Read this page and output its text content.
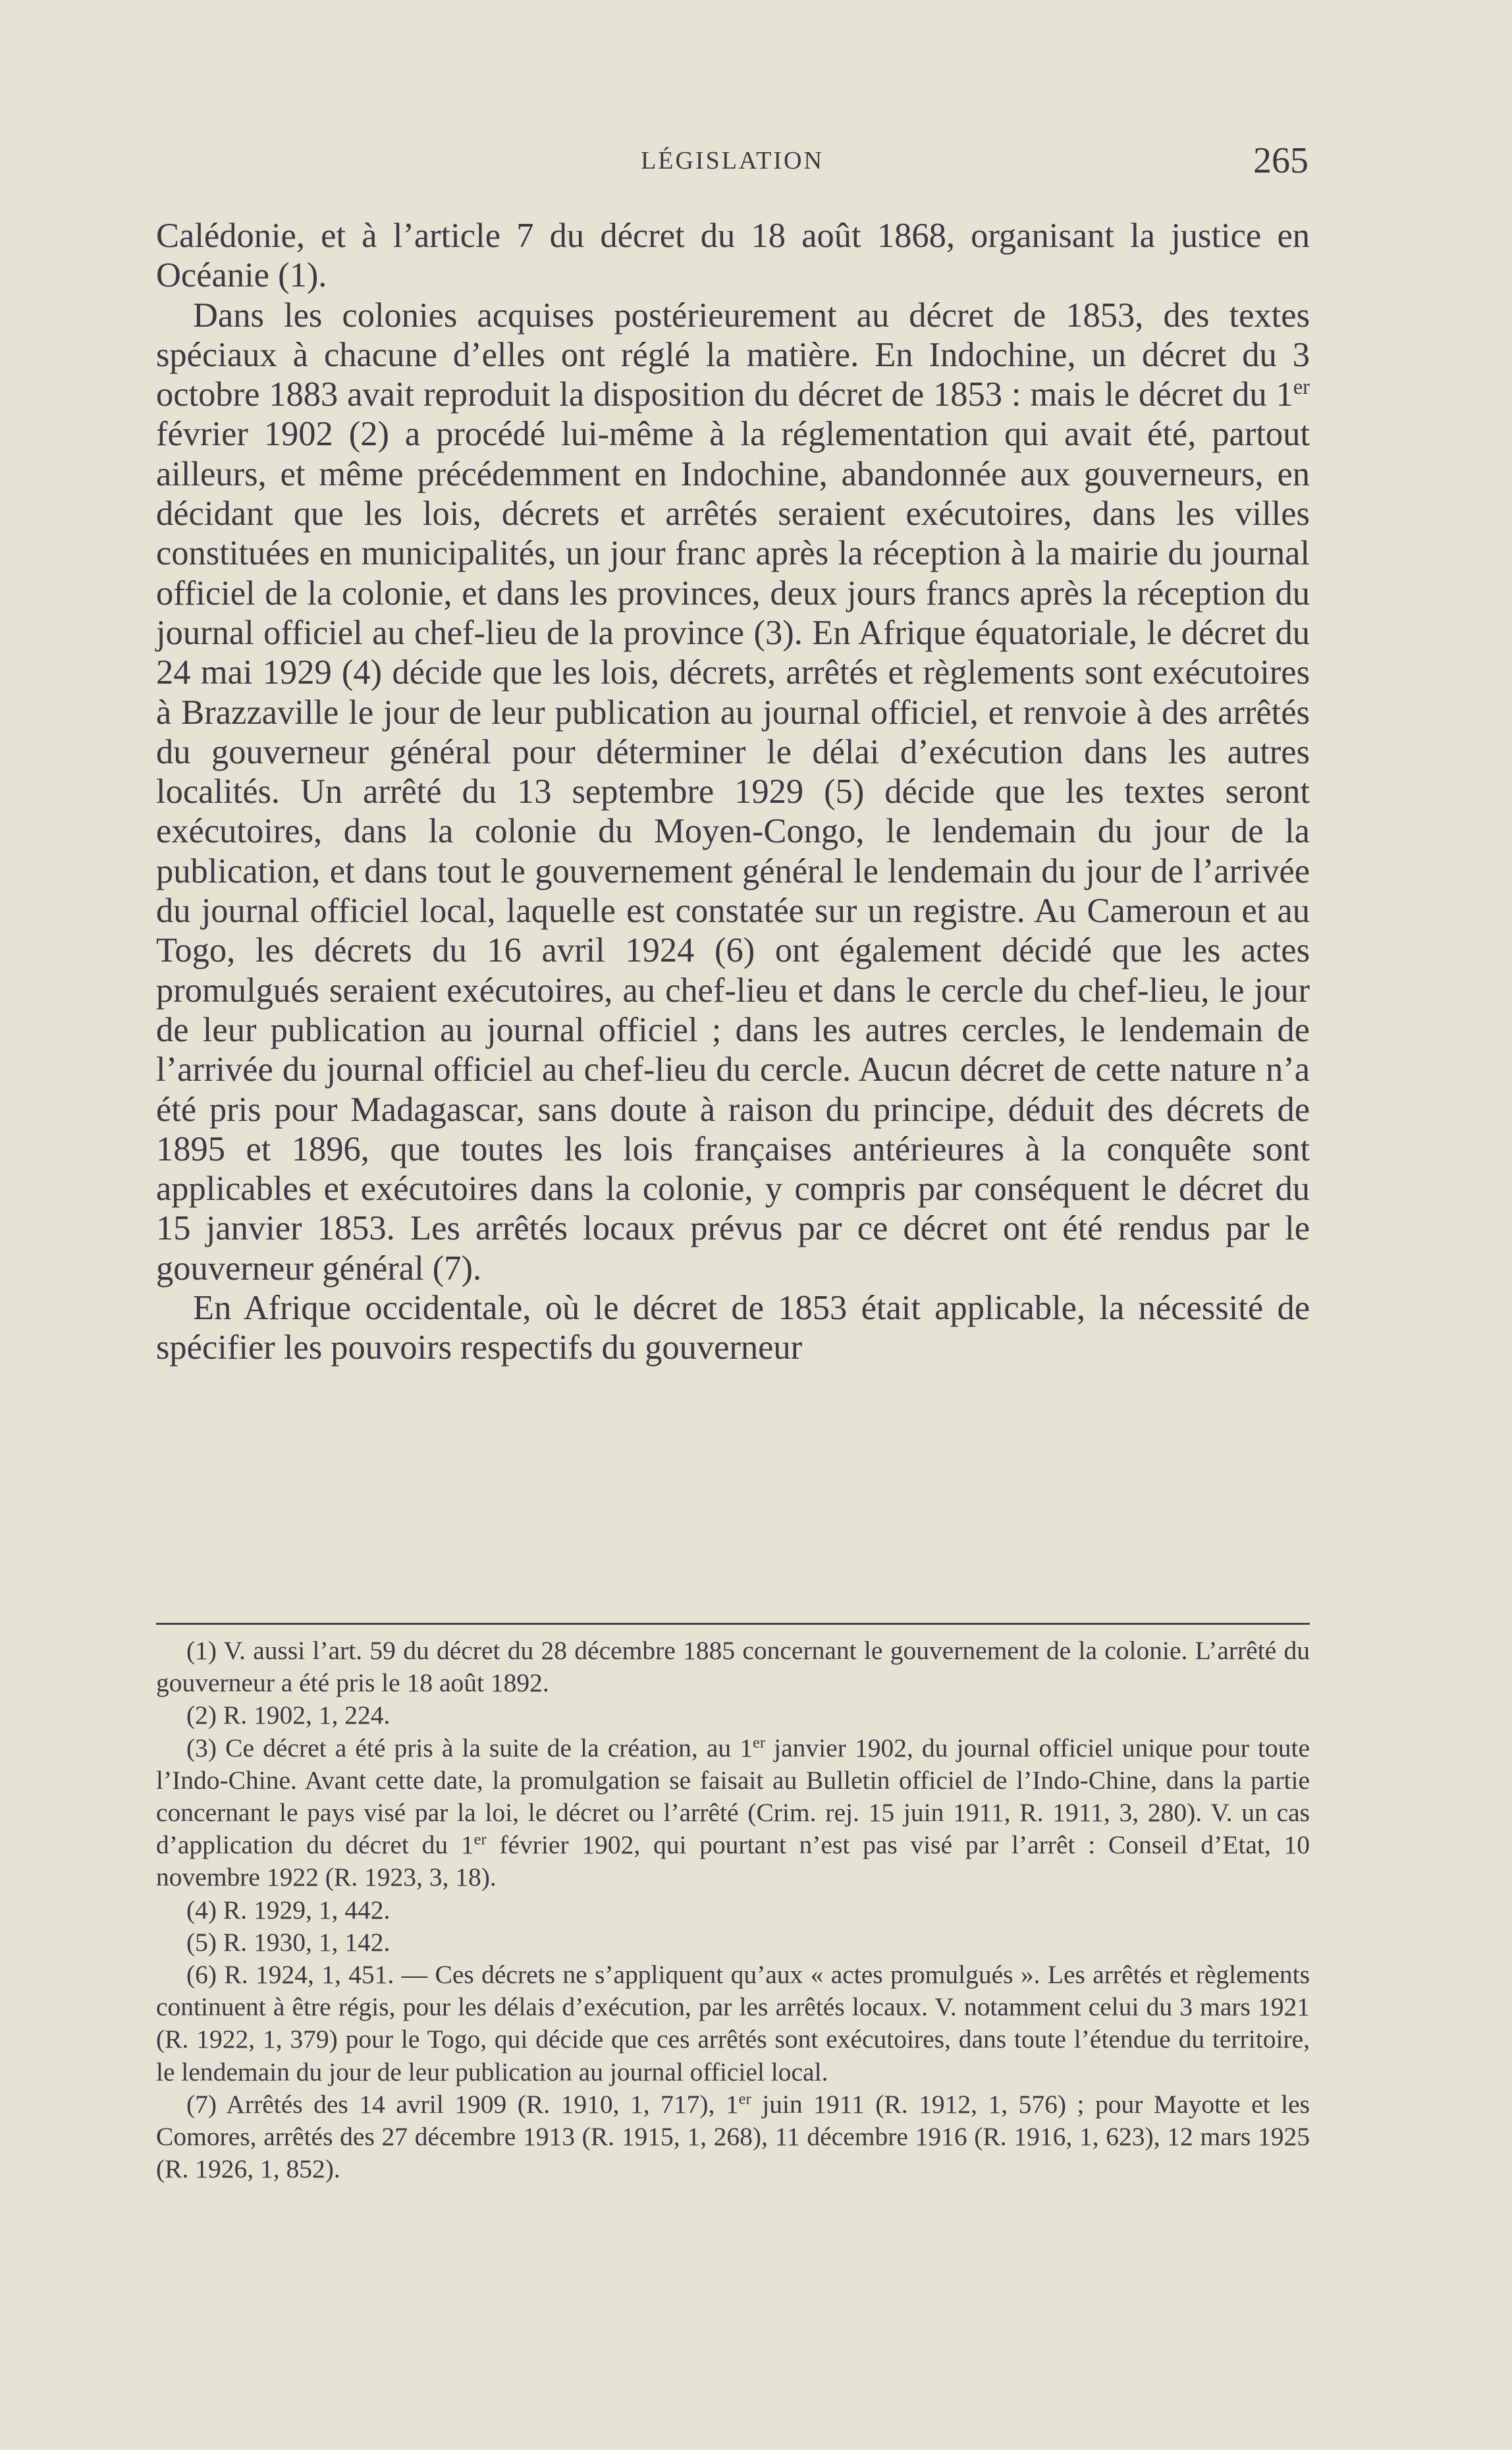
LÉGISLATION	265

Calédonie, et à l’article 7 du décret du 18 août 1868, organisant la justice en Océanie (1).

Dans les colonies acquises postérieurement au décret de 1853, des textes spéciaux à chacune d’elles ont réglé la matière. En Indochine, un décret du 3 octobre 1883 avait reproduit la disposition du décret de 1853 : mais le décret du 1er février 1902 (2) a procédé lui-même à la réglementation qui avait été, partout ailleurs, et même précédemment en Indochine, abandonnée aux gouverneurs, en décidant que les lois, décrets et arrêtés seraient exécutoires, dans les villes constituées en municipalités, un jour franc après la réception à la mairie du journal officiel de la colonie, et dans les provinces, deux jours francs après la réception du journal officiel au chef-lieu de la province (3). En Afrique équatoriale, le décret du 24 mai 1929 (4) décide que les lois, décrets, arrêtés et règlements sont exécutoires à Brazzaville le jour de leur publication au journal officiel, et renvoie à des arrêtés du gouverneur général pour déterminer le délai d’exécution dans les autres localités. Un arrêté du 13 septembre 1929 (5) décide que les textes seront exécutoires, dans la colonie du Moyen-Congo, le lendemain du jour de la publication, et dans tout le gouvernement général le lendemain du jour de l’arrivée du journal officiel local, laquelle est constatée sur un registre. Au Cameroun et au Togo, les décrets du 16 avril 1924 (6) ont également décidé que les actes promulgués seraient exécutoires, au chef-lieu et dans le cercle du chef-lieu, le jour de leur publication au journal officiel ; dans les autres cercles, le lendemain de l’arrivée du journal officiel au chef-lieu du cercle. Aucun décret de cette nature n’a été pris pour Madagascar, sans doute à raison du principe, déduit des décrets de 1895 et 1896, que toutes les lois françaises antérieures à la conquête sont applicables et exécutoires dans la colonie, y compris par conséquent le décret du 15 janvier 1853. Les arrêtés locaux prévus par ce décret ont été rendus par le gouverneur général (7).

En Afrique occidentale, où le décret de 1853 était applicable, la nécessité de spécifier les pouvoirs respectifs du gouverneur

(1) V. aussi l’art. 59 du décret du 28 décembre 1885 concernant le gouvernement de la colonie. L’arrêté du gouverneur a été pris le 18 août 1892.

(2) R. 1902, 1, 224.

(3) Ce décret a été pris à la suite de la création, au 1er janvier 1902, du journal officiel unique pour toute l’Indo-Chine. Avant cette date, la promulgation se faisait au Bulletin officiel de l’Indo-Chine, dans la partie concernant le pays visé par la loi, le décret ou l’arrêté (Crim. rej. 15 juin 1911, R. 1911, 3, 280). V. un cas d’application du décret du 1er février 1902, qui pourtant n’est pas visé par l’arrêt : Conseil d’Etat, 10 novembre 1922 (R. 1923, 3, 18).

(4) R. 1929, 1, 442.

(5) R. 1930, 1, 142.

(6) R. 1924, 1, 451. — Ces décrets ne s’appliquent qu’aux « actes promulgués ». Les arrêtés et règlements continuent à être régis, pour les délais d’exécution, par les arrêtés locaux. V. notamment celui du 3 mars 1921 (R. 1922, 1, 379) pour le Togo, qui décide que ces arrêtés sont exécutoires, dans toute l’étendue du territoire, le lendemain du jour de leur publication au journal officiel local.

(7) Arrêtés des 14 avril 1909 (R. 1910, 1, 717), 1er juin 1911 (R. 1912, 1, 576) ; pour Mayotte et les Comores, arrêtés des 27 décembre 1913 (R. 1915, 1, 268), 11 décembre 1916 (R. 1916, 1, 623), 12 mars 1925 (R. 1926, 1, 852).
